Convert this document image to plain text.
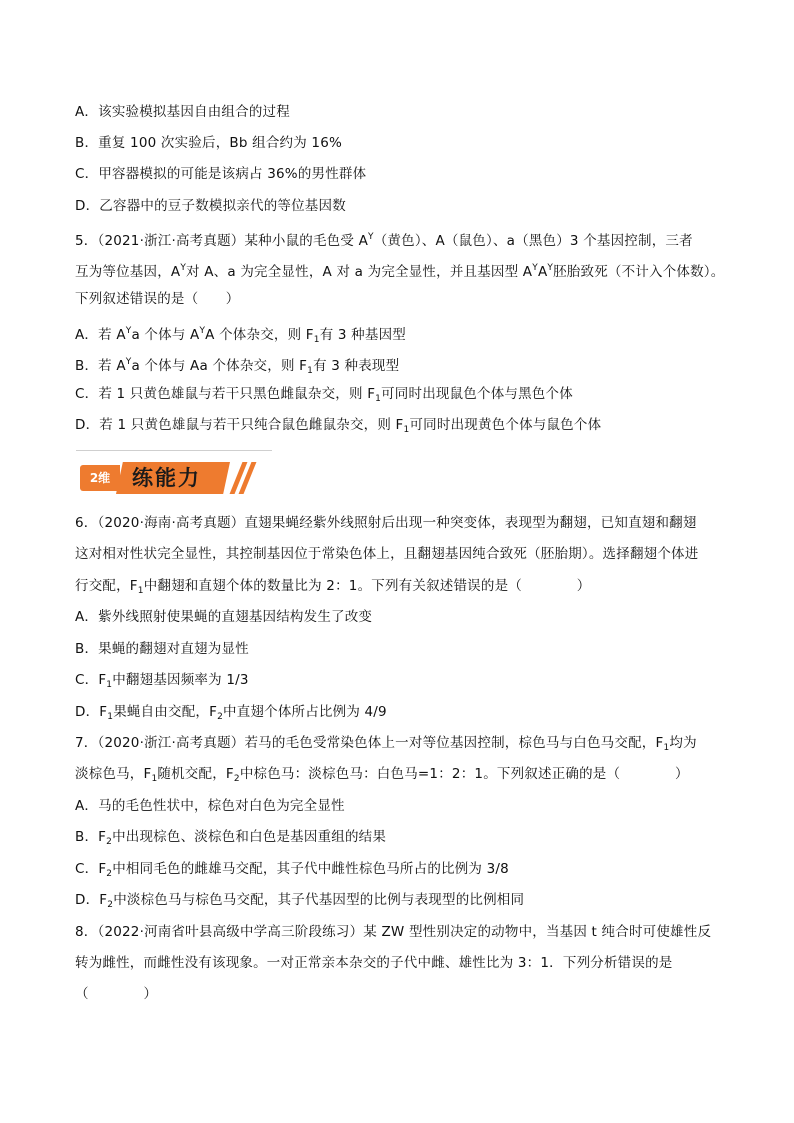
A．该实验模拟基因自由组合的过程
B．重复 100 次实验后，Bb 组合约为 16%
C．甲容器模拟的可能是该病占 36%的男性群体
D．乙容器中的豆子数模拟亲代的等位基因数
5．（2021·浙江·高考真题）某种小鼠的毛色受 $A^Y$（黄色）、A（鼠色）、a（黑色）3 个基因控制，三者
互为等位基因，$A^Y$对 A、a 为完全显性，A 对 a 为完全显性，并且基因型 $A^YA^Y$胚胎致死（不计入个体数）。
下列叙述错误的是（　　）
A．若 $A^Ya$ 个体与 $A^YA$ 个体杂交，则 $F_1$有 3 种基因型
B．若 $A^Ya$ 个体与 Aa 个体杂交，则 $F_1$有 3 种表现型
C．若 1 只黄色雄鼠与若干只黑色雌鼠杂交，则 $F_1$可同时出现鼠色个体与黑色个体
D．若 1 只黄色雄鼠与若干只纯合鼠色雌鼠杂交，则 $F_1$可同时出现黄色个体与鼠色个体
2维	练能力
6．（2020·海南·高考真题）直翅果蝇经紫外线照射后出现一种突变体，表现型为翻翅，已知直翅和翻翅
这对相对性状完全显性，其控制基因位于常染色体上，且翻翅基因纯合致死（胚胎期）。选择翻翅个体进
行交配，$F_1$中翻翅和直翅个体的数量比为 2：1。下列有关叙述错误的是（　　　　）
A．紫外线照射使果蝇的直翅基因结构发生了改变
B．果蝇的翻翅对直翅为显性
C．$F_1$中翻翅基因频率为 1/3
D．$F_1$果蝇自由交配，$F_2$中直翅个体所占比例为 4/9
7．（2020·浙江·高考真题）若马的毛色受常染色体上一对等位基因控制，棕色马与白色马交配，$F_1$均为
淡棕色马，$F_1$随机交配，$F_2$中棕色马：淡棕色马：白色马=1：2：1。下列叙述正确的是（　　　　）
A．马的毛色性状中，棕色对白色为完全显性
B．$F_2$中出现棕色、淡棕色和白色是基因重组的结果
C．$F_2$中相同毛色的雌雄马交配，其子代中雌性棕色马所占的比例为 3/8
D．$F_2$中淡棕色马与棕色马交配，其子代基因型的比例与表现型的比例相同
8．（2022·河南省叶县高级中学高三阶段练习）某 ZW 型性别决定的动物中，当基因 t 纯合时可使雄性反
转为雌性，而雌性没有该现象。一对正常亲本杂交的子代中雌、雄性比为 3：1．下列分析错误的是
（　　　　）
